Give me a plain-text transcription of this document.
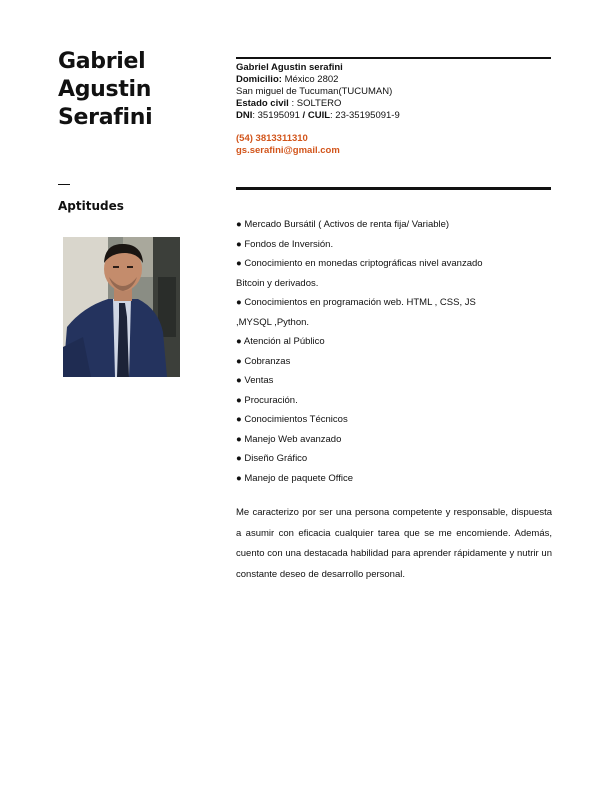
Gabriel
Agustin
Serafini
Aptitudes
Gabriel Agustin serafini
Domicilio: México 2802
San miguel de Tucuman(TUCUMAN)
Estado civil : SOLTERO
DNI: 35195091 / CUIL: 23-35195091-9
(54) 3813311310
gs.serafini@gmail.com
● Mercado Bursátil ( Activos de renta fija/ Variable)
● Fondos de Inversión.
● Conocimiento en monedas criptográficas nivel avanzado
Bitcoin y derivados.
● Conocimientos en programación web. HTML , CSS, JS
,MYSQL ,Python.
● Atención al Público
● Cobranzas
● Ventas
● Procuración.
● Conocimientos Técnicos
● Manejo Web avanzado
● Diseño Gráfico
● Manejo de paquete Office
Me caracterizo por ser una persona competente y responsable, dispuesta a asumir con eficacia cualquier tarea que se me encomiende. Además, cuento con una destacada habilidad para aprender rápidamente y nutrir un constante deseo de desarrollo personal.
